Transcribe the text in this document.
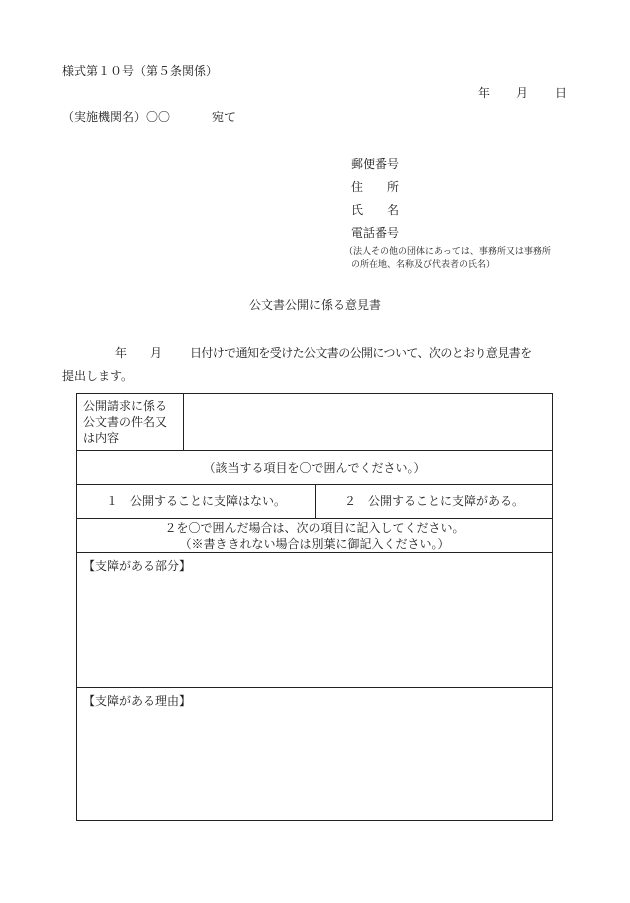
様式第１０号（第５条関係）
年 月 日
（実施機関名）〇〇	宛て
郵便番号
住　　所
氏　　名
電話番号
（法人その他の団体にあっては、事務所又は事務所
の所在地、名称及び代表者の氏名）
公文書公開に係る意見書
年 月 日付けで通知を受けた公文書の公開について、次のとおり意見書を
提出します。
公開請求に係る
公文書の件名又
は内容
（該当する項目を〇で囲んでください。）
１　公開することに支障はない。	２　公開することに支障がある。
２を〇で囲んだ場合は、次の項目に記入してください。
（※書ききれない場合は別葉に御記入ください。）
【支障がある部分】
【支障がある理由】
